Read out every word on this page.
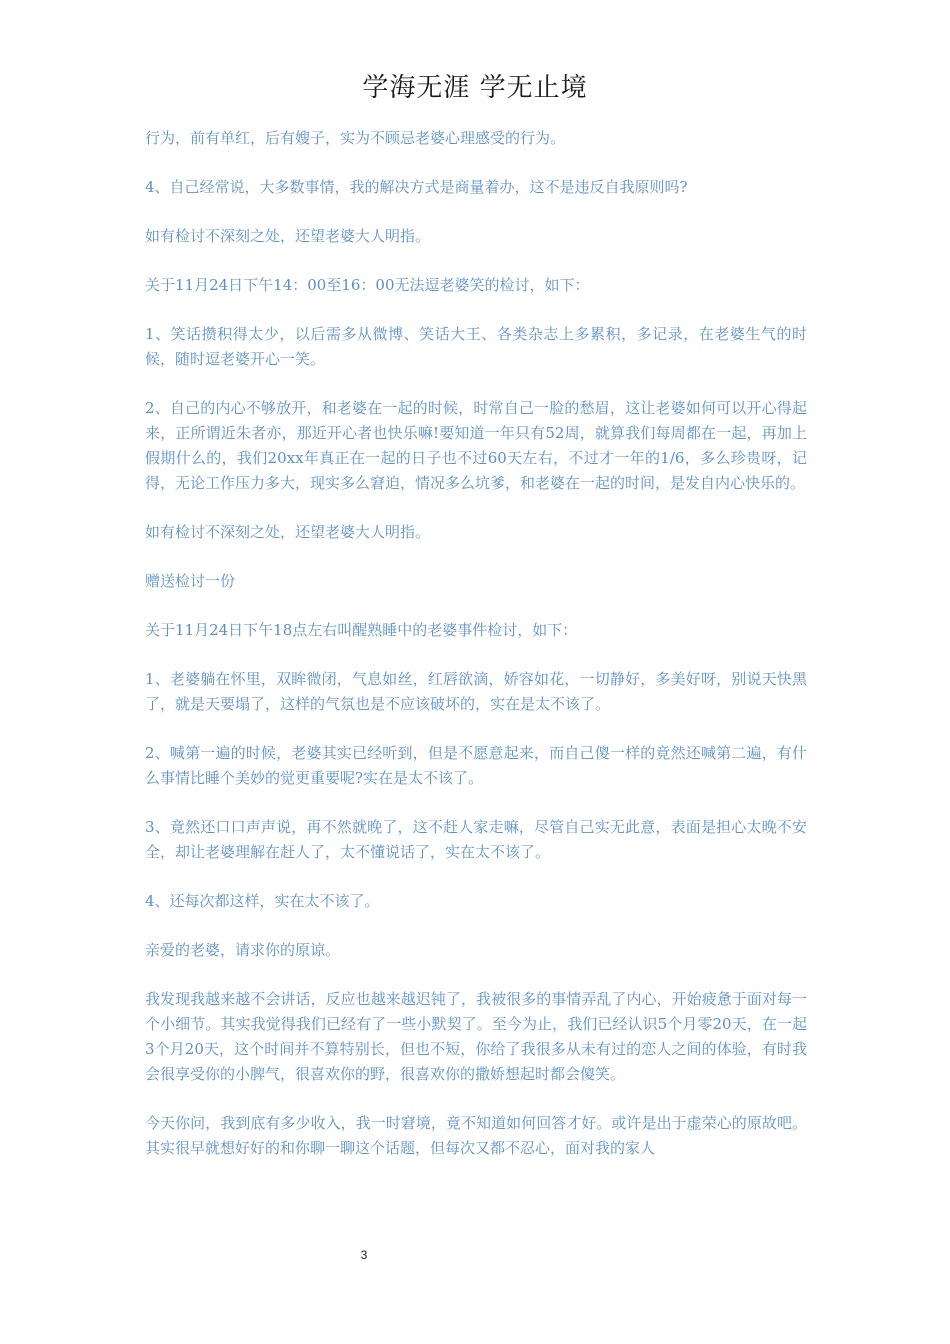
学海无涯 学无止境

行为，前有单红，后有嫂子，实为不顾忌老婆心理感受的行为。

4、自己经常说，大多数事情，我的解决方式是商量着办，这不是违反自我原则吗?

如有检讨不深刻之处，还望老婆大人明指。

关于11月24日下午14：00至16：00无法逗老婆笑的检讨，如下：

1、笑话攒积得太少，以后需多从微博、笑话大王、各类杂志上多累积，多记录，在老婆生气的时候，随时逗老婆开心一笑。

2、自己的内心不够放开，和老婆在一起的时候，时常自己一脸的愁眉，这让老婆如何可以开心得起来，正所谓近朱者亦，那近开心者也快乐嘛!要知道一年只有52周，就算我们每周都在一起，再加上假期什么的，我们20xx年真正在一起的日子也不过60天左右，不过才一年的1/6，多么珍贵呀，记得，无论工作压力多大，现实多么窘迫，情况多么坑爹，和老婆在一起的时间，是发自内心快乐的。

如有检讨不深刻之处，还望老婆大人明指。

赠送检讨一份

关于11月24日下午18点左右叫醒熟睡中的老婆事件检讨，如下：

1、老婆躺在怀里，双眸微闭，气息如丝，红唇欲滴，娇容如花，一切静好，多美好呀，别说天快黑了，就是天要塌了，这样的气氛也是不应该破坏的，实在是太不该了。

2、喊第一遍的时候，老婆其实已经听到，但是不愿意起来，而自己傻一样的竟然还喊第二遍，有什么事情比睡个美妙的觉更重要呢?实在是太不该了。

3、竟然还口口声声说，再不然就晚了，这不赶人家走嘛，尽管自己实无此意，表面是担心太晚不安全，却让老婆理解在赶人了，太不懂说话了，实在太不该了。

4、还每次都这样，实在太不该了。

亲爱的老婆，请求你的原谅。

我发现我越来越不会讲话，反应也越来越迟钝了，我被很多的事情弄乱了内心，开始疲惫于面对每一个小细节。其实我觉得我们已经有了一些小默契了。至今为止，我们已经认识5个月零20天，在一起3个月20天，这个时间并不算特别长，但也不短，你给了我很多从未有过的恋人之间的体验，有时我会很享受你的小脾气，很喜欢你的野，很喜欢你的撒娇想起时都会傻笑。

今天你问，我到底有多少收入，我一时窘境，竟不知道如何回答才好。或许是出于虚荣心的原故吧。其实很早就想好好的和你聊一聊这个话题，但每次又都不忍心，面对我的家人

3
